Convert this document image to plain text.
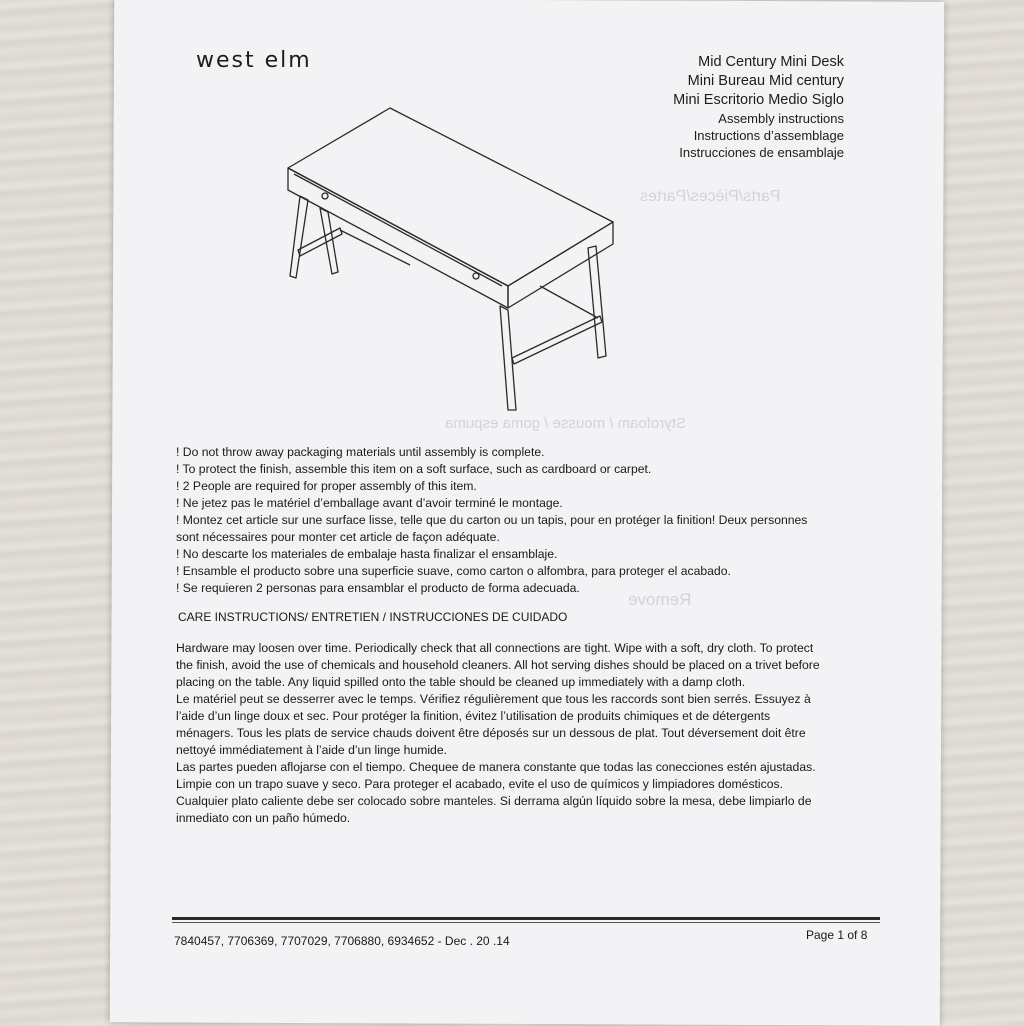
west elm	Mid Century Mini Desk
Mini Bureau Mid century
Mini Escritorio Medio Siglo
Assembly instructions
Instructions d’assemblage
Instrucciones de ensamblaje
Parts/Pièces/Partes
Styrofoam / mousse / goma espuma
Remove
! Do not throw away packaging materials until assembly is complete.
! To protect the finish, assemble this item on a soft surface, such as cardboard or carpet.
! 2 People are required for proper assembly of this item.
! Ne jetez pas le matériel d’emballage avant d’avoir terminé le montage.
! Montez cet article sur une surface lisse, telle que du carton ou un tapis, pour en protéger la finition! Deux personnes
sont nécessaires pour monter cet article de façon adéquate.
! No descarte los materiales de embalaje hasta finalizar el ensamblaje.
! Ensamble el producto sobre una superficie suave, como carton o alfombra, para proteger el acabado.
! Se requieren 2 personas para ensamblar el producto de forma adecuada.
CARE INSTRUCTIONS/ ENTRETIEN / INSTRUCCIONES DE CUIDADO
Hardware may loosen over time. Periodically check that all connections are tight. Wipe with a soft, dry cloth. To protect
the finish, avoid the use of chemicals and household cleaners. All hot serving dishes should be placed on a trivet before
placing on the table. Any liquid spilled onto the table should be cleaned up immediately with a damp cloth.
Le matériel peut se desserrer avec le temps. Vérifiez régulièrement que tous les raccords sont bien serrés. Essuyez à
l’aide d’un linge doux et sec. Pour protéger la finition, évitez l’utilisation de produits chimiques et de détergents
ménagers. Tous les plats de service chauds doivent être déposés sur un dessous de plat. Tout déversement doit être
nettoyé immédiatement à l’aide d’un linge humide.
Las partes pueden aflojarse con el tiempo. Chequee de manera constante que todas las conecciones estén ajustadas.
Limpie con un trapo suave y seco. Para proteger el acabado, evite el uso de químicos y limpiadores domésticos.
Cualquier plato caliente debe ser colocado sobre manteles. Si derrama algún líquido sobre la mesa, debe limpiarlo de
inmediato con un paño húmedo.
7840457, 7706369, 7707029, 7706880, 6934652 - Dec . 20 .14	Page 1 of 8
